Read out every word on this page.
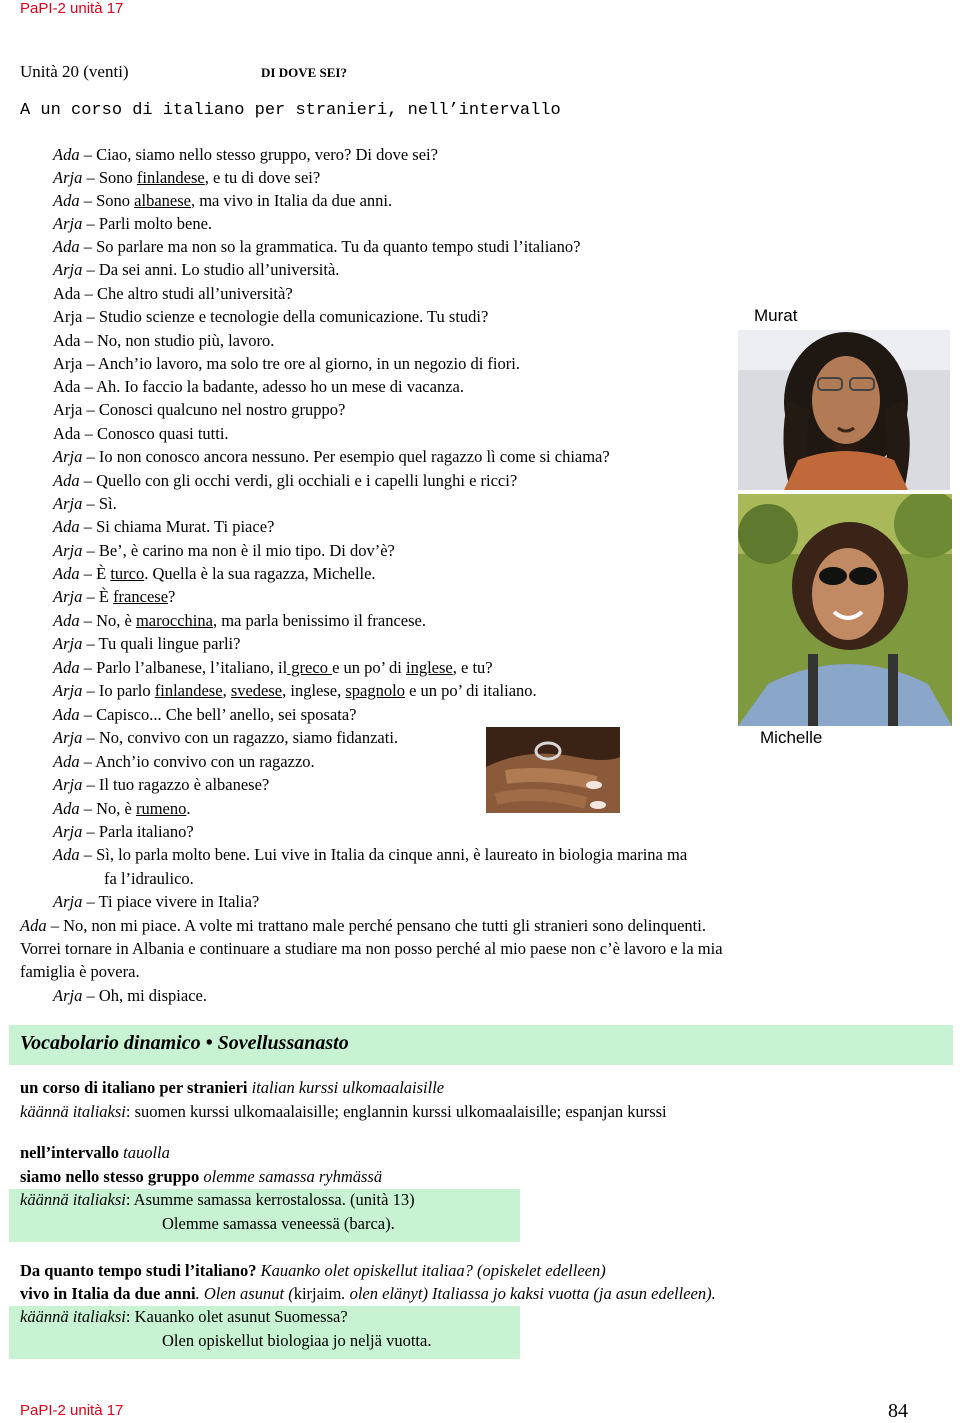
PaPI-2 unità 17
Unità 20 (venti)	DI DOVE SEI?
A un corso di italiano per stranieri, nell’intervallo
Ada – Ciao, siamo nello stesso gruppo, vero? Di dove sei?
Arja – Sono finlandese, e tu di dove sei?
Ada – Sono albanese, ma vivo in Italia da due anni.
Arja – Parli molto bene.
Ada – So parlare ma non so la grammatica. Tu da quanto tempo studi l’italiano?
Arja – Da sei anni. Lo studio all’università.
Ada – Che altro studi all’università?
Arja – Studio scienze e tecnologie della comunicazione. Tu studi?
Ada – No, non studio più, lavoro.
Arja – Anch’io lavoro, ma solo tre ore al giorno, in un negozio di fiori.
Ada – Ah. Io faccio la badante, adesso ho un mese di vacanza.
Arja – Conosci qualcuno nel nostro gruppo?
Ada – Conosco quasi tutti.
Arja – Io non conosco ancora nessuno. Per esempio quel ragazzo lì come si chiama?
Ada – Quello con gli occhi verdi, gli occhiali e i capelli lunghi e ricci?
Arja – Sì.
Ada – Si chiama Murat. Ti piace?
Arja – Be’, è carino ma non è il mio tipo. Di dov’è?
Ada – È turco. Quella è la sua ragazza, Michelle.
Arja – È francese?
Ada – No, è marocchina, ma parla benissimo il francese.
Arja – Tu quali lingue parli?
Ada – Parlo l’albanese, l’italiano, il greco e un po’ di inglese, e tu?
Arja – Io parlo finlandese, svedese, inglese, spagnolo e un po’ di italiano.
Ada – Capisco... Che bell’ anello, sei sposata?
Arja – No, convivo con un ragazzo, siamo fidanzati.
Ada – Anch’io convivo con un ragazzo.
Arja – Il tuo ragazzo è albanese?
Ada – No, è rumeno.
Arja – Parla italiano?
Ada – Sì, lo parla molto bene. Lui vive in Italia da cinque anni, è laureato in biologia marina ma
fa l’idraulico.
Arja – Ti piace vivere in Italia?
Ada – No, non mi piace. A volte mi trattano male perché pensano che tutti gli stranieri sono delinquenti.
Vorrei tornare in Albania e continuare a studiare ma non posso perché al mio paese non c’è lavoro e la mia
famiglia è povera.
Arja – Oh, mi dispiace.
Murat
Michelle
Vocabolario dinamico • Sovellussanasto
un corso di italiano per stranieri italian kurssi ulkomaalaisille
käännä italiaksi: suomen kurssi ulkomaalaisille; englannin kurssi ulkomaalaisille; espanjan kurssi
nell’intervallo tauolla
siamo nello stesso gruppo olemme samassa ryhmässä
käännä italiaksi: Asumme samassa kerrostalossa. (unità 13)
Olemme samassa veneessä (barca).
Da quanto tempo studi l’italiano? Kauanko olet opiskellut italiaa? (opiskelet edelleen)
vivo in Italia da due anni. Olen asunut (kirjaim. olen elänyt) Italiassa jo kaksi vuotta (ja asun edelleen).
käännä italiaksi: Kauanko olet asunut Suomessa?
Olen opiskellut biologiaa jo neljä vuotta.
PaPI-2 unità 17	84
